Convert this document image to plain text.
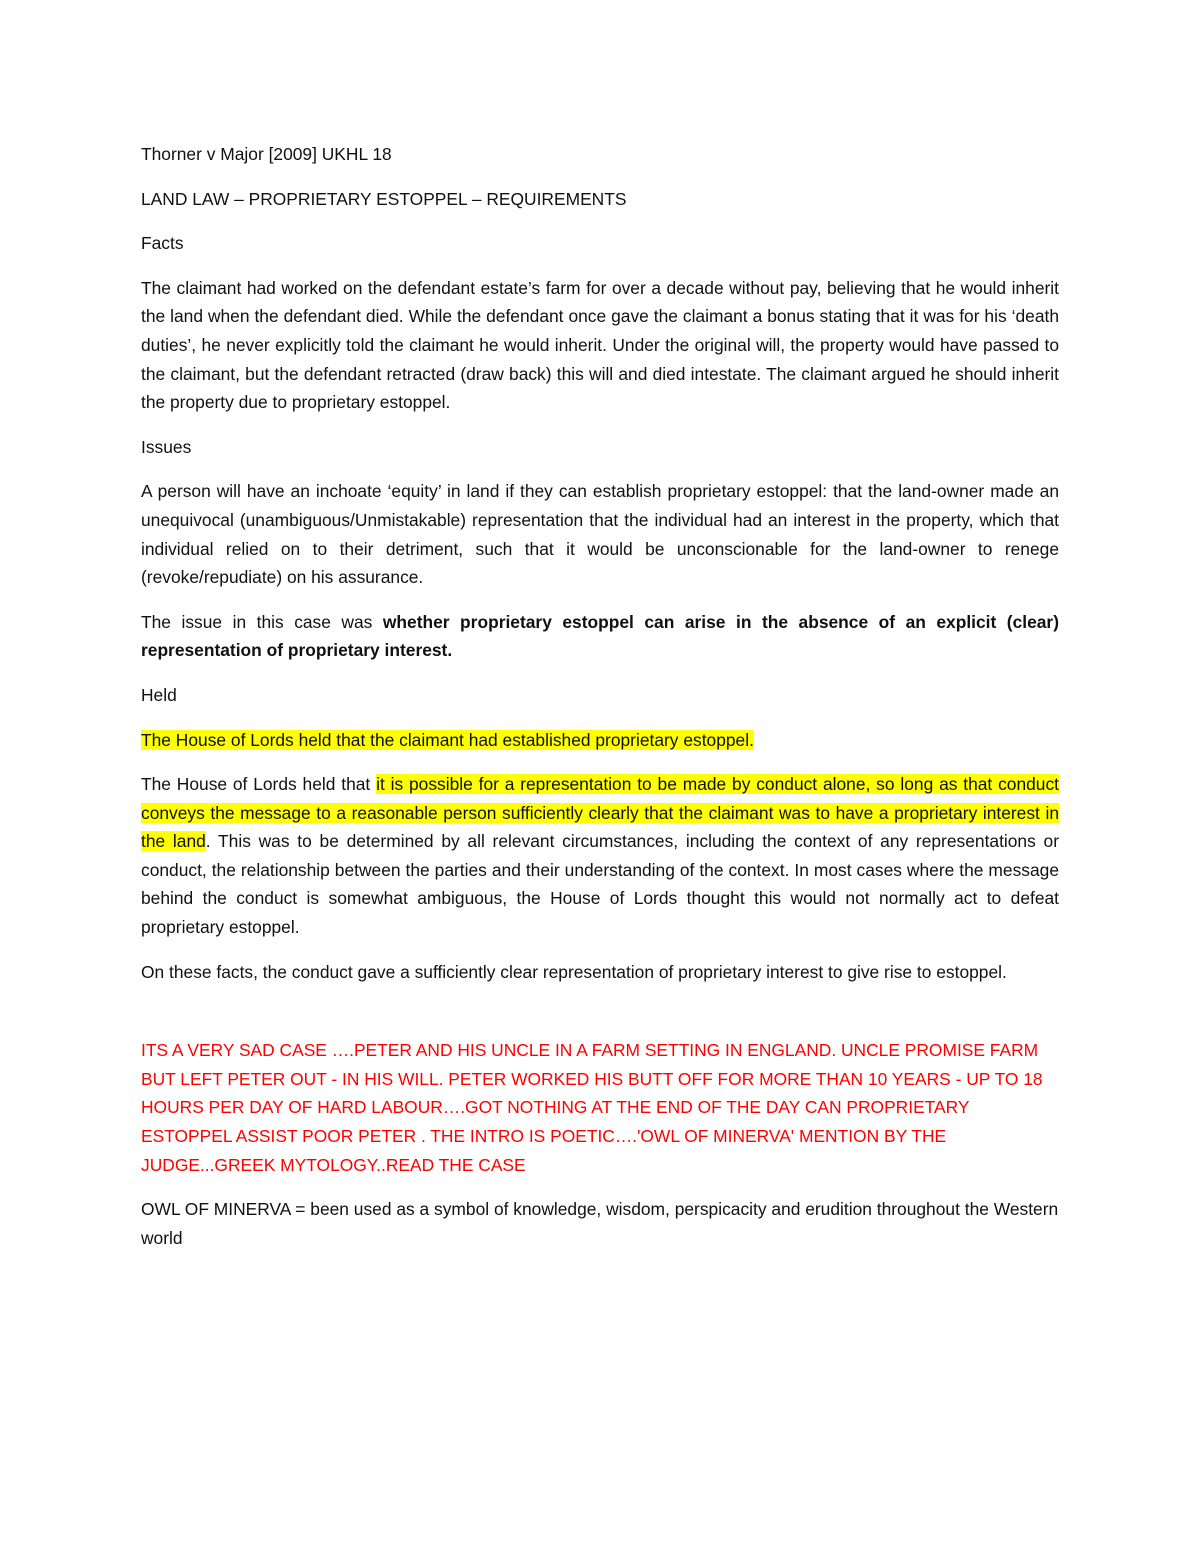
Thorner v Major [2009] UKHL 18

LAND LAW – PROPRIETARY ESTOPPEL – REQUIREMENTS

Facts

The claimant had worked on the defendant estate’s farm for over a decade without pay, believing that he would inherit the land when the defendant died. While the defendant once gave the claimant a bonus stating that it was for his ‘death duties’, he never explicitly told the claimant he would inherit. Under the original will, the property would have passed to the claimant, but the defendant retracted (draw back) this will and died intestate. The claimant argued he should inherit the property due to proprietary estoppel.

Issues

A person will have an inchoate ‘equity’ in land if they can establish proprietary estoppel: that the land-owner made an unequivocal (unambiguous/Unmistakable) representation that the individual had an interest in the property, which that individual relied on to their detriment, such that it would be unconscionable for the land-owner to renege (revoke/repudiate) on his assurance.

The issue in this case was whether proprietary estoppel can arise in the absence of an explicit (clear) representation of proprietary interest.

Held

The House of Lords held that the claimant had established proprietary estoppel.

The House of Lords held that it is possible for a representation to be made by conduct alone, so long as that conduct conveys the message to a reasonable person sufficiently clearly that the claimant was to have a proprietary interest in the land. This was to be determined by all relevant circumstances, including the context of any representations or conduct, the relationship between the parties and their understanding of the context. In most cases where the message behind the conduct is somewhat ambiguous, the House of Lords thought this would not normally act to defeat proprietary estoppel.

On these facts, the conduct gave a sufficiently clear representation of proprietary interest to give rise to estoppel.

ITS A VERY SAD CASE ….PETER AND HIS UNCLE IN A FARM SETTING IN ENGLAND. UNCLE PROMISE FARM BUT LEFT PETER OUT - IN HIS WILL. PETER WORKED HIS BUTT OFF FOR MORE THAN 10 YEARS - UP TO 18 HOURS PER DAY OF HARD LABOUR….GOT NOTHING AT THE END OF THE DAY CAN PROPRIETARY ESTOPPEL ASSIST POOR PETER . THE INTRO IS POETIC….'OWL OF MINERVA' MENTION BY THE JUDGE...GREEK MYTOLOGY..READ THE CASE

OWL OF MINERVA = been used as a symbol of knowledge, wisdom, perspicacity and erudition throughout the Western world
